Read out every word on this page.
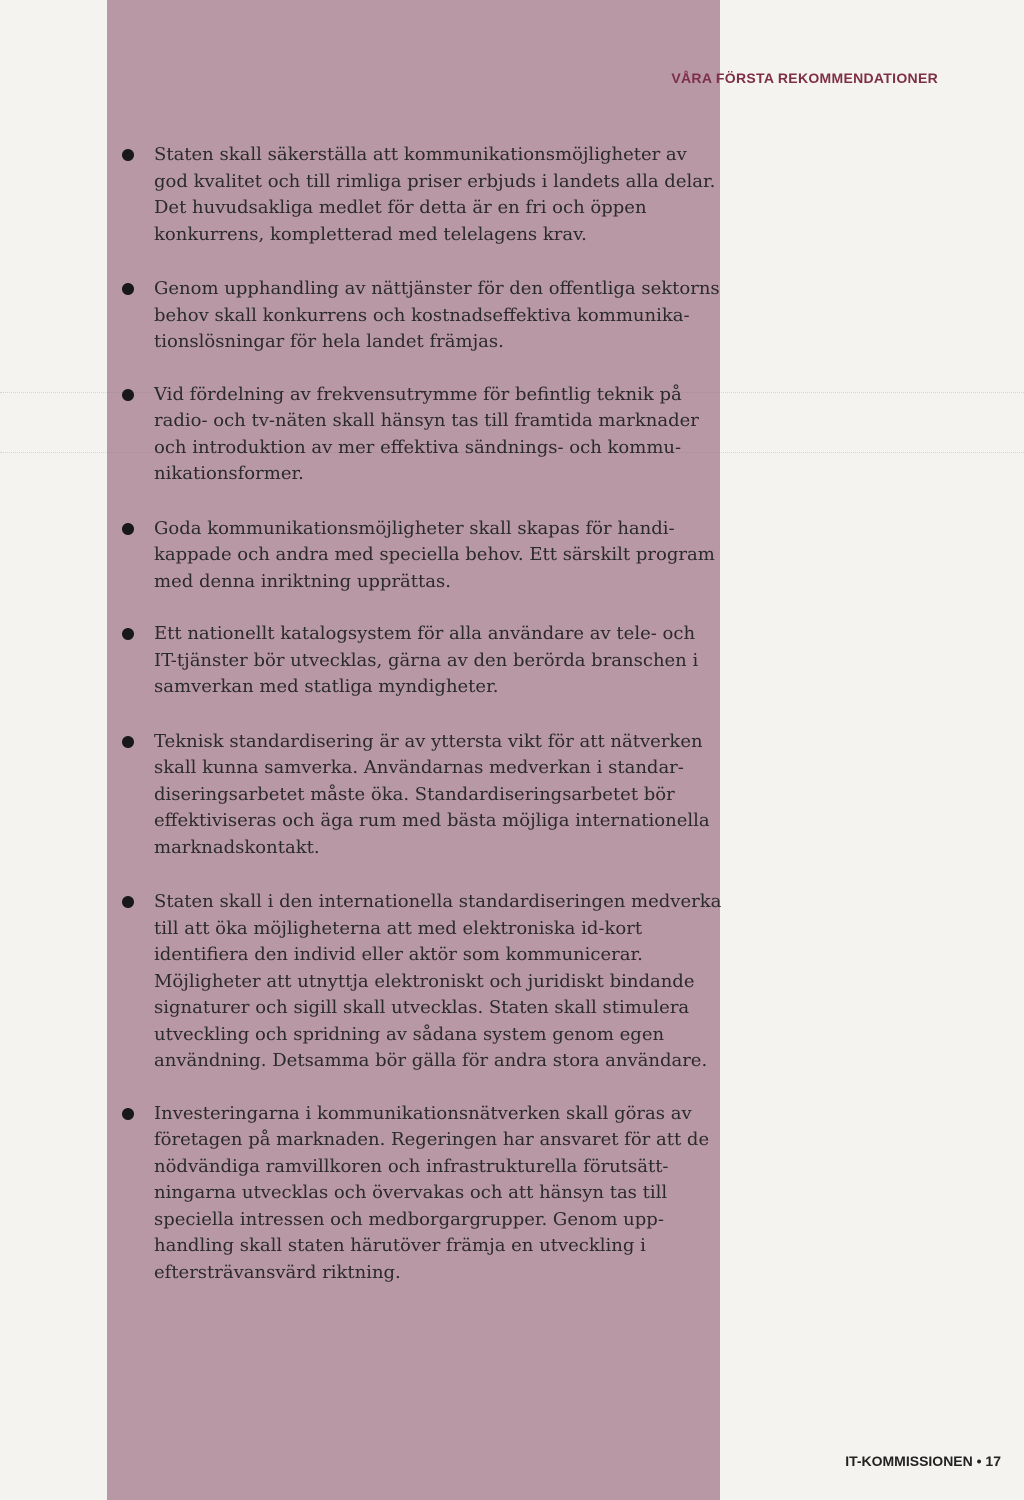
VÅRA FÖRSTA REKOMMENDATIONER
Staten skall säkerställa att kommunikationsmöjligheter av
god kvalitet och till rimliga priser erbjuds i landets alla delar.
Det huvudsakliga medlet för detta är en fri och öppen
konkurrens, kompletterad med telelagens krav.
Genom upphandling av nättjänster för den offentliga sektorns
behov skall konkurrens och kostnadseffektiva kommunika-
tionslösningar för hela landet främjas.
Vid fördelning av frekvensutrymme för befintlig teknik på
radio- och tv-näten skall hänsyn tas till framtida marknader
och introduktion av mer effektiva sändnings- och kommu-
nikationsformer.
Goda kommunikationsmöjligheter skall skapas för handi-
kappade och andra med speciella behov. Ett särskilt program
med denna inriktning upprättas.
Ett nationellt katalogsystem för alla användare av tele- och
IT-tjänster bör utvecklas, gärna av den berörda branschen i
samverkan med statliga myndigheter.
Teknisk standardisering är av yttersta vikt för att nätverken
skall kunna samverka. Användarnas medverkan i standar-
diseringsarbetet måste öka. Standardiseringsarbetet bör
effektiviseras och äga rum med bästa möjliga internationella
marknadskontakt.
Staten skall i den internationella standardiseringen medverka
till att öka möjligheterna att med elektroniska id-kort
identifiera den individ eller aktör som kommunicerar.
Möjligheter att utnyttja elektroniskt och juridiskt bindande
signaturer och sigill skall utvecklas. Staten skall stimulera
utveckling och spridning av sådana system genom egen
användning. Detsamma bör gälla för andra stora användare.
Investeringarna i kommunikationsnätverken skall göras av
företagen på marknaden. Regeringen har ansvaret för att de
nödvändiga ramvillkoren och infrastrukturella förutsätt-
ningarna utvecklas och övervakas och att hänsyn tas till
speciella intressen och medborgargrupper. Genom upp-
handling skall staten härutöver främja en utveckling i
eftersträvansvärd riktning.
IT-KOMMISSIONEN • 17
